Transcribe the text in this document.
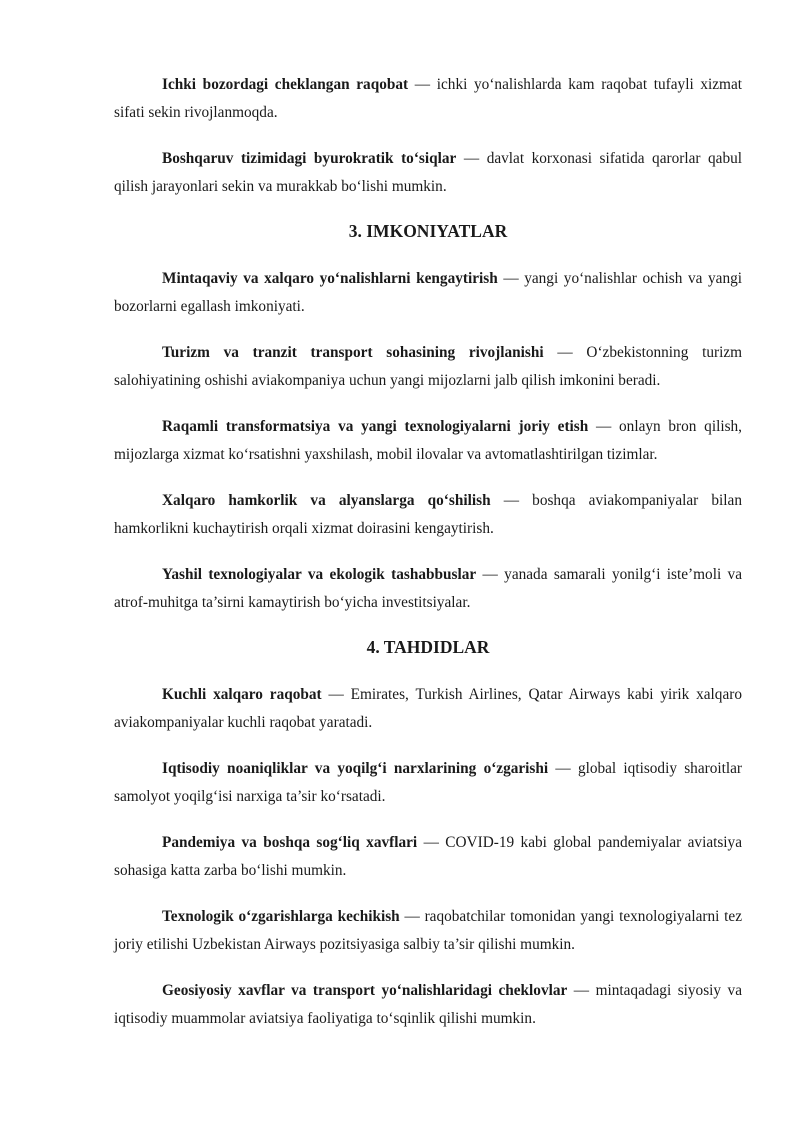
Ichki bozordagi cheklangan raqobat — ichki yo‘nalishlarda kam raqobat tufayli xizmat sifati sekin rivojlanmoqda.

Boshqaruv tizimidagi byurokratik to‘siqlar — davlat korxonasi sifatida qarorlar qabul qilish jarayonlari sekin va murakkab bo‘lishi mumkin.

3. IMKONIYATLAR

Mintaqaviy va xalqaro yo‘nalishlarni kengaytirish — yangi yo‘nalishlar ochish va yangi bozorlarni egallash imkoniyati.

Turizm va tranzit transport sohasining rivojlanishi — O‘zbekistonning turizm salohiyatining oshishi aviakompaniya uchun yangi mijozlarni jalb qilish imkonini beradi.

Raqamli transformatsiya va yangi texnologiyalarni joriy etish — onlayn bron qilish, mijozlarga xizmat ko‘rsatishni yaxshilash, mobil ilovalar va avtomatlashtirilgan tizimlar.

Xalqaro hamkorlik va alyanslarga qo‘shilish — boshqa aviakompaniyalar bilan hamkorlikni kuchaytirish orqali xizmat doirasini kengaytirish.

Yashil texnologiyalar va ekologik tashabbuslar — yanada samarali yonilg‘i iste’moli va atrof-muhitga ta’sirni kamaytirish bo‘yicha investitsiyalar.

4. TAHDIDLAR

Kuchli xalqaro raqobat — Emirates, Turkish Airlines, Qatar Airways kabi yirik xalqaro aviakompaniyalar kuchli raqobat yaratadi.

Iqtisodiy noaniqliklar va yoqilg‘i narxlarining o‘zgarishi — global iqtisodiy sharoitlar samolyot yoqilg‘isi narxiga ta’sir ko‘rsatadi.

Pandemiya va boshqa sog‘liq xavflari — COVID-19 kabi global pandemiyalar aviatsiya sohasiga katta zarba bo‘lishi mumkin.

Texnologik o‘zgarishlarga kechikish — raqobatchilar tomonidan yangi texnologiyalarni tez joriy etilishi Uzbekistan Airways pozitsiyasiga salbiy ta’sir qilishi mumkin.

Geosiyosiy xavflar va transport yo‘nalishlaridagi cheklovlar — mintaqadagi siyosiy va iqtisodiy muammolar aviatsiya faoliyatiga to‘sqinlik qilishi mumkin.
